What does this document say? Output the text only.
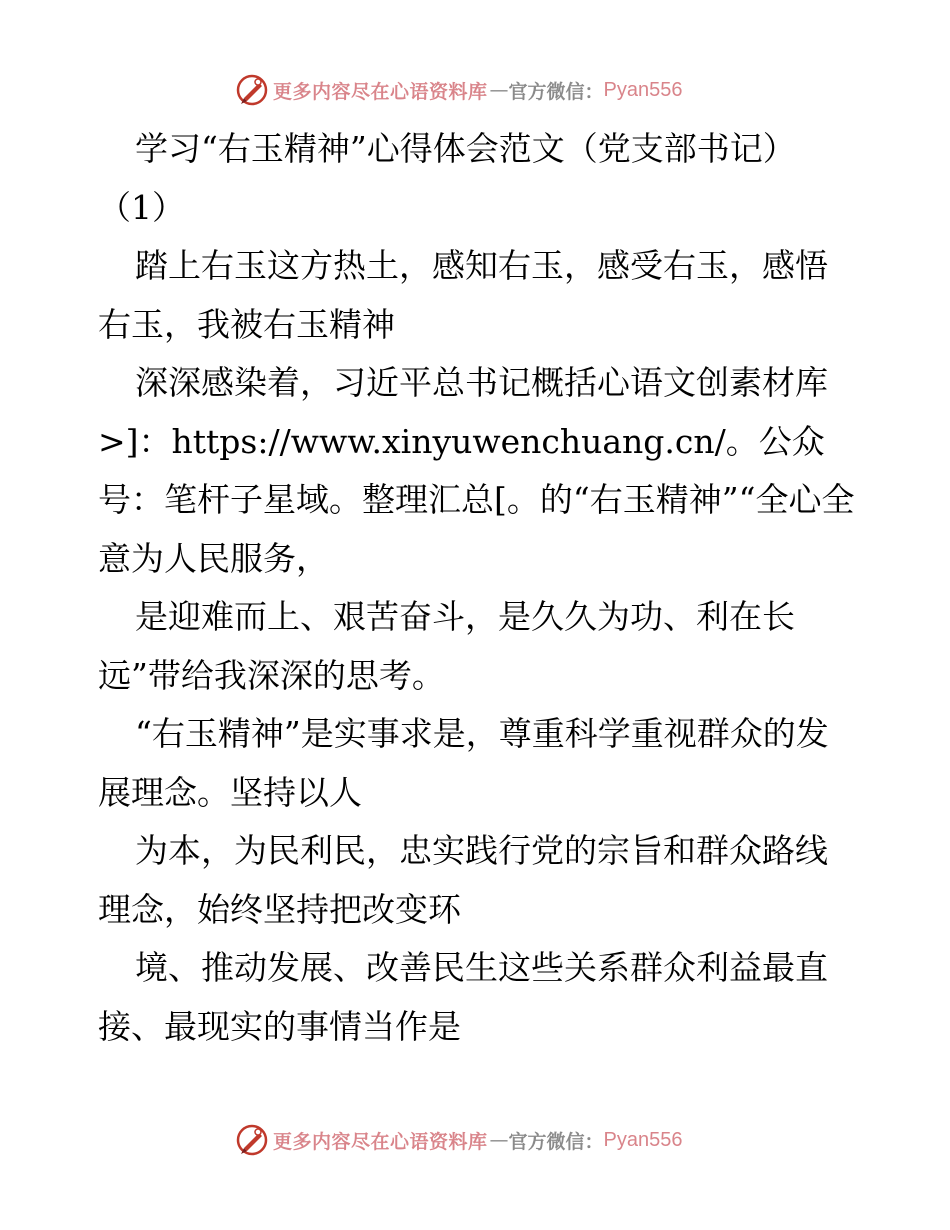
更多内容尽在心语资料库 — 官方微信： Pyan556

学习“右玉精神”心得体会范文（党支部书记）

（1）

踏上右玉这方热土，感知右玉，感受右玉，感悟右玉，我被右玉精神

深深感染着，习近平总书记概括心语文创素材库>]：https://www.xinyuwenchuang.cn/。公众号：笔杆子星域。整理汇总[。的“右玉精神”“全心全意为人民服务，

是迎难而上、艰苦奋斗，是久久为功、利在长远”带给我深深的思考。

“右玉精神”是实事求是，尊重科学重视群众的发展理念。坚持以人

为本，为民利民，忠实践行党的宗旨和群众路线理念，始终坚持把改变环

境、推动发展、改善民生这些关系群众利益最直接、最现实的事情当作是

更多内容尽在心语资料库 — 官方微信： Pyan556
